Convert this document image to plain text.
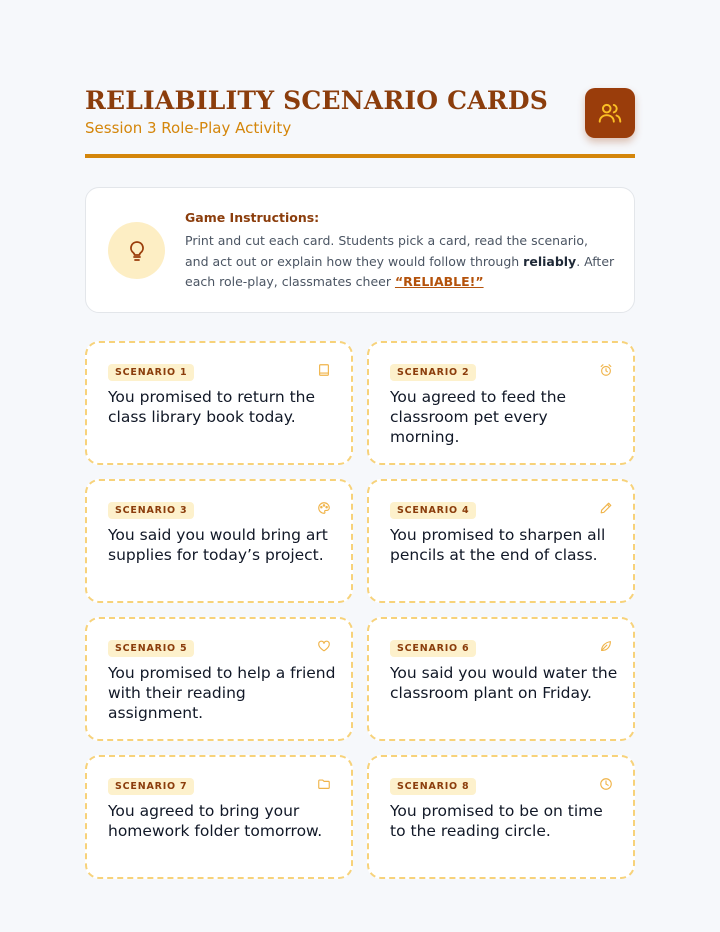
RELIABILITY SCENARIO CARDS
Session 3 Role-Play Activity
Game Instructions:
Print and cut each card. Students pick a card, read the scenario, and act out or explain how they would follow through reliably. After each role-play, classmates cheer “RELIABLE!”
SCENARIO 1
You promised to return the class library book today.
SCENARIO 2
You agreed to feed the classroom pet every morning.
SCENARIO 3
You said you would bring art supplies for today’s project.
SCENARIO 4
You promised to sharpen all pencils at the end of class.
SCENARIO 5
You promised to help a friend with their reading assignment.
SCENARIO 6
You said you would water the classroom plant on Friday.
SCENARIO 7
You agreed to bring your homework folder tomorrow.
SCENARIO 8
You promised to be on time to the reading circle.
